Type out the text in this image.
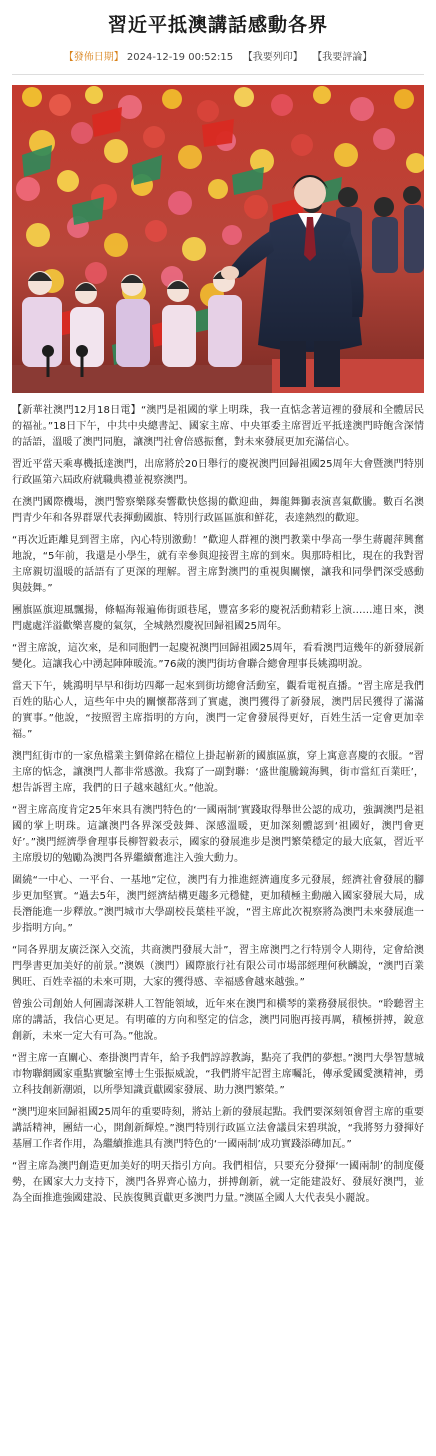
習近平抵澳講話感動各界
【發佈日期】 2024-12-19 00:52:15 【我要列印】 【我要評論】

【新華社澳門12月18日電】“澳門是祖國的掌上明珠，我一直惦念著這裡的發展和全體居民的福祉。”18日下午，中共中央總書記、國家主席、中央軍委主席習近平抵達澳門時飽含深情的話語，溫暖了澳門同胞，讓澳門社會倍感振奮，對未來發展更加充滿信心。

習近平當天乘專機抵達澳門，出席將於20日舉行的慶祝澳門回歸祖國25周年大會暨澳門特別行政區第六屆政府就職典禮並視察澳門。

在澳門國際機場，澳門警察樂隊奏響歡快悠揚的歡迎曲，舞龍舞獅表演喜氣歡騰。數百名澳門青少年和各界群眾代表揮動國旗、特別行政區區旗和鮮花，表達熱烈的歡迎。

“再次近距離見到習主席，內心特別激動！”歡迎人群裡的澳門教業中學高一學生蔣麗萍興奮地說，“5年前，我還是小學生，就有幸參與迎接習主席的到來。與那時相比，現在的我對習主席親切溫暖的話語有了更深的理解。習主席對澳門的重視與關懷，讓我和同學們深受感動與鼓舞。”

團旗區旗迎風飄揚，條幅海報遍佈街頭巷尾，豐富多彩的慶祝活動精彩上演……連日來，澳門處處洋溢歡樂喜慶的氣氛，全城熱烈慶祝回歸祖國25周年。

“習主席說，這次來，是和同胞們一起慶祝澳門回歸祖國25周年，看看澳門這幾年的新發展新變化。這讓我心中湧起陣陣暖流。”76歲的澳門街坊會聯合總會理事長姚鴻明說。

當天下午，姚鴻明早早和街坊四鄰一起來到街坊總會活動室，觀看電視直播。“習主席是我們百姓的貼心人，這些年中央的關懷都落到了實處，澳門獲得了新發展，澳門居民獲得了滿滿的實事。”他說，“按照習主席指明的方向，澳門一定會發展得更好，百姓生活一定會更加幸福。”

澳門紅街市的一家魚檔業主劉偉銘在檔位上掛起嶄新的國旗區旗，穿上寓意喜慶的衣服。“習主席的惦念，讓澳門人都非常感激。我寫了一副對聯：‘盛世龍騰鏡海興，街市當紅百業旺’，想告訴習主席，我們的日子越來越紅火。”他說。

“習主席高度肯定25年來具有澳門特色的‘一國兩制’實踐取得舉世公認的成功，強調澳門是祖國的掌上明珠。這讓澳門各界深受鼓舞、深感溫暖，更加深刻體認到‘祖國好，澳門會更好’。”澳門經濟學會理事長柳智毅表示，國家的發展進步是澳門繁榮穩定的最大底氣，習近平主席殷切的勉勵為澳門各界繼續奮進注入強大動力。

圍繞“一中心、一平台、一基地”定位，澳門有力推進經濟適度多元發展，經濟社會發展的腳步更加堅實。“過去5年，澳門經濟結構更趨多元穩健，更加積極主動融入國家發展大局，成長潛能進一步釋放。”澳門城市大學副校長葉桂平說，“習主席此次視察將為澳門未來發展進一步指明方向。”

“同各界朋友廣泛深入交流，共商澳門發展大計”，習主席澳門之行特別令人期待，定會給澳門學書更加美好的前景。”澳娛（澳門）國際旅行社有限公司市場部經理何秋麟說，“澳門百業興旺、百姓幸福的未來可期，大家的獲得感、幸福感會越來越強。”

曾強公司創始人何圖壽深耕人工智能領域，近年來在澳門和橫琴的業務發展很快。“聆聽習主席的講話，我信心更足。有明確的方向和堅定的信念，澳門同胞再接再厲，積極拼搏，銳意創新，未來一定大有可為。”他說。

“習主席一直關心、牽掛澳門青年，給予我們諄諄教誨，點亮了我們的夢想。”澳門大學智慧城市物聯網國家重點實驗室博士生張振威說，“我們將牢記習主席囑託，傳承愛國愛澳精神，勇立科技創新潮頭，以所學知識貢獻國家發展、助力澳門繁榮。”

“澳門迎來回歸祖國25周年的重要時刻，將站上新的發展起點。我們要深刻領會習主席的重要講話精神，團結一心，開創新輝煌。”澳門特別行政區立法會議員宋碧琪說，“我將努力發揮好基層工作者作用，為繼續推進具有澳門特色的‘一國兩制’成功實踐添磚加瓦。”

“習主席為澳門創造更加美好的明天指引方向。我們相信，只要充分發揮‘一國兩制’的制度優勢，在國家大力支持下，澳門各界齊心協力，拼搏創新，就一定能建設好、發展好澳門，並為全面推進強國建設、民族復興貢獻更多澳門力量。”澳區全國人大代表吳小麗說。
